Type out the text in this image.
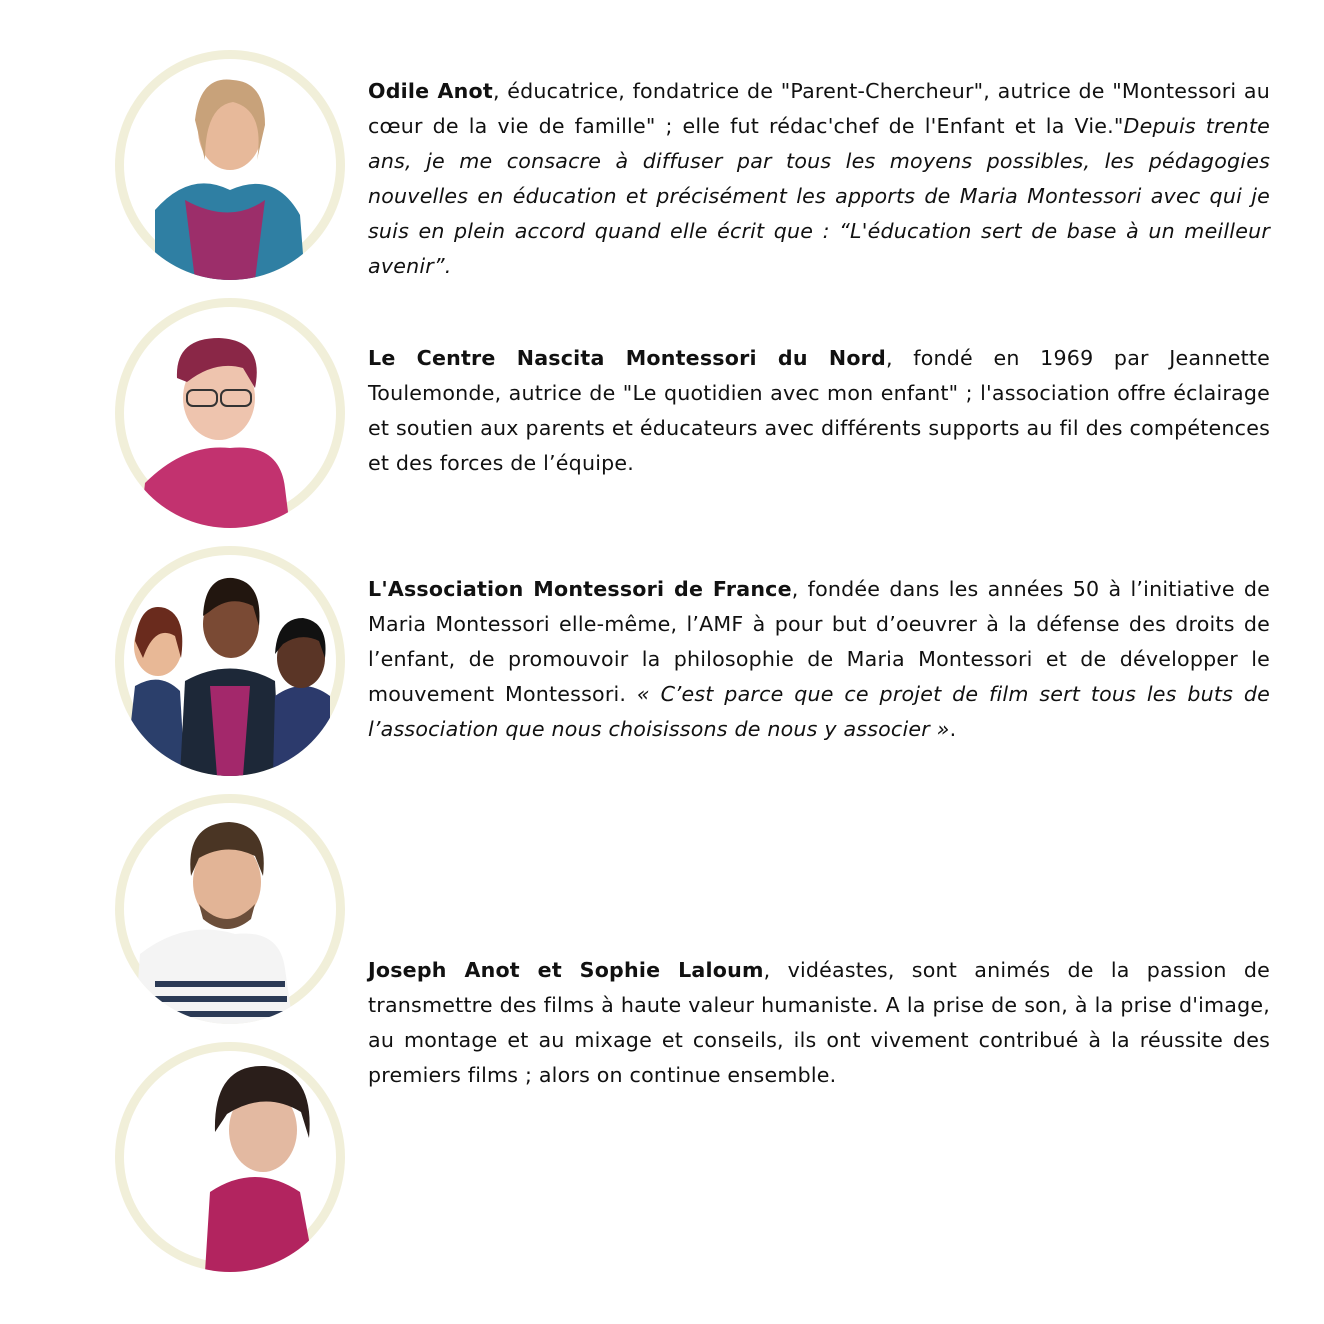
Odile Anot, éducatrice, fondatrice de "Parent-Chercheur", autrice de "Montessori au cœur de la vie de famille" ; elle fut rédac'chef de l'Enfant et la Vie."Depuis trente ans, je me consacre à diffuser par tous les moyens possibles, les pédagogies nouvelles en éducation et précisément les apports de Maria Montessori avec qui je suis en plein accord quand elle écrit que : “L'éducation sert de base à un meilleur avenir”.
Le Centre Nascita Montessori du Nord, fondé en 1969 par Jeannette Toulemonde, autrice de "Le quotidien avec mon enfant" ; l'association offre éclairage et soutien aux parents et éducateurs avec différents supports au fil des compétences et des forces de l’équipe.
L'Association Montessori de France, fondée dans les années 50 à l’initiative de Maria Montessori elle-même, l’AMF à pour but d’oeuvrer à la défense des droits de l’enfant, de promouvoir la philosophie de Maria Montessori et de développer le mouvement Montessori. « C’est parce que ce projet de film sert tous les buts de l’association que nous choisissons de nous y associer ».
Joseph Anot et Sophie Laloum, vidéastes, sont animés de la passion de transmettre des films à haute valeur humaniste. A la prise de son, à la prise d'image, au montage et au mixage et conseils, ils ont vivement contribué à la réussite des premiers films ; alors on continue ensemble.
